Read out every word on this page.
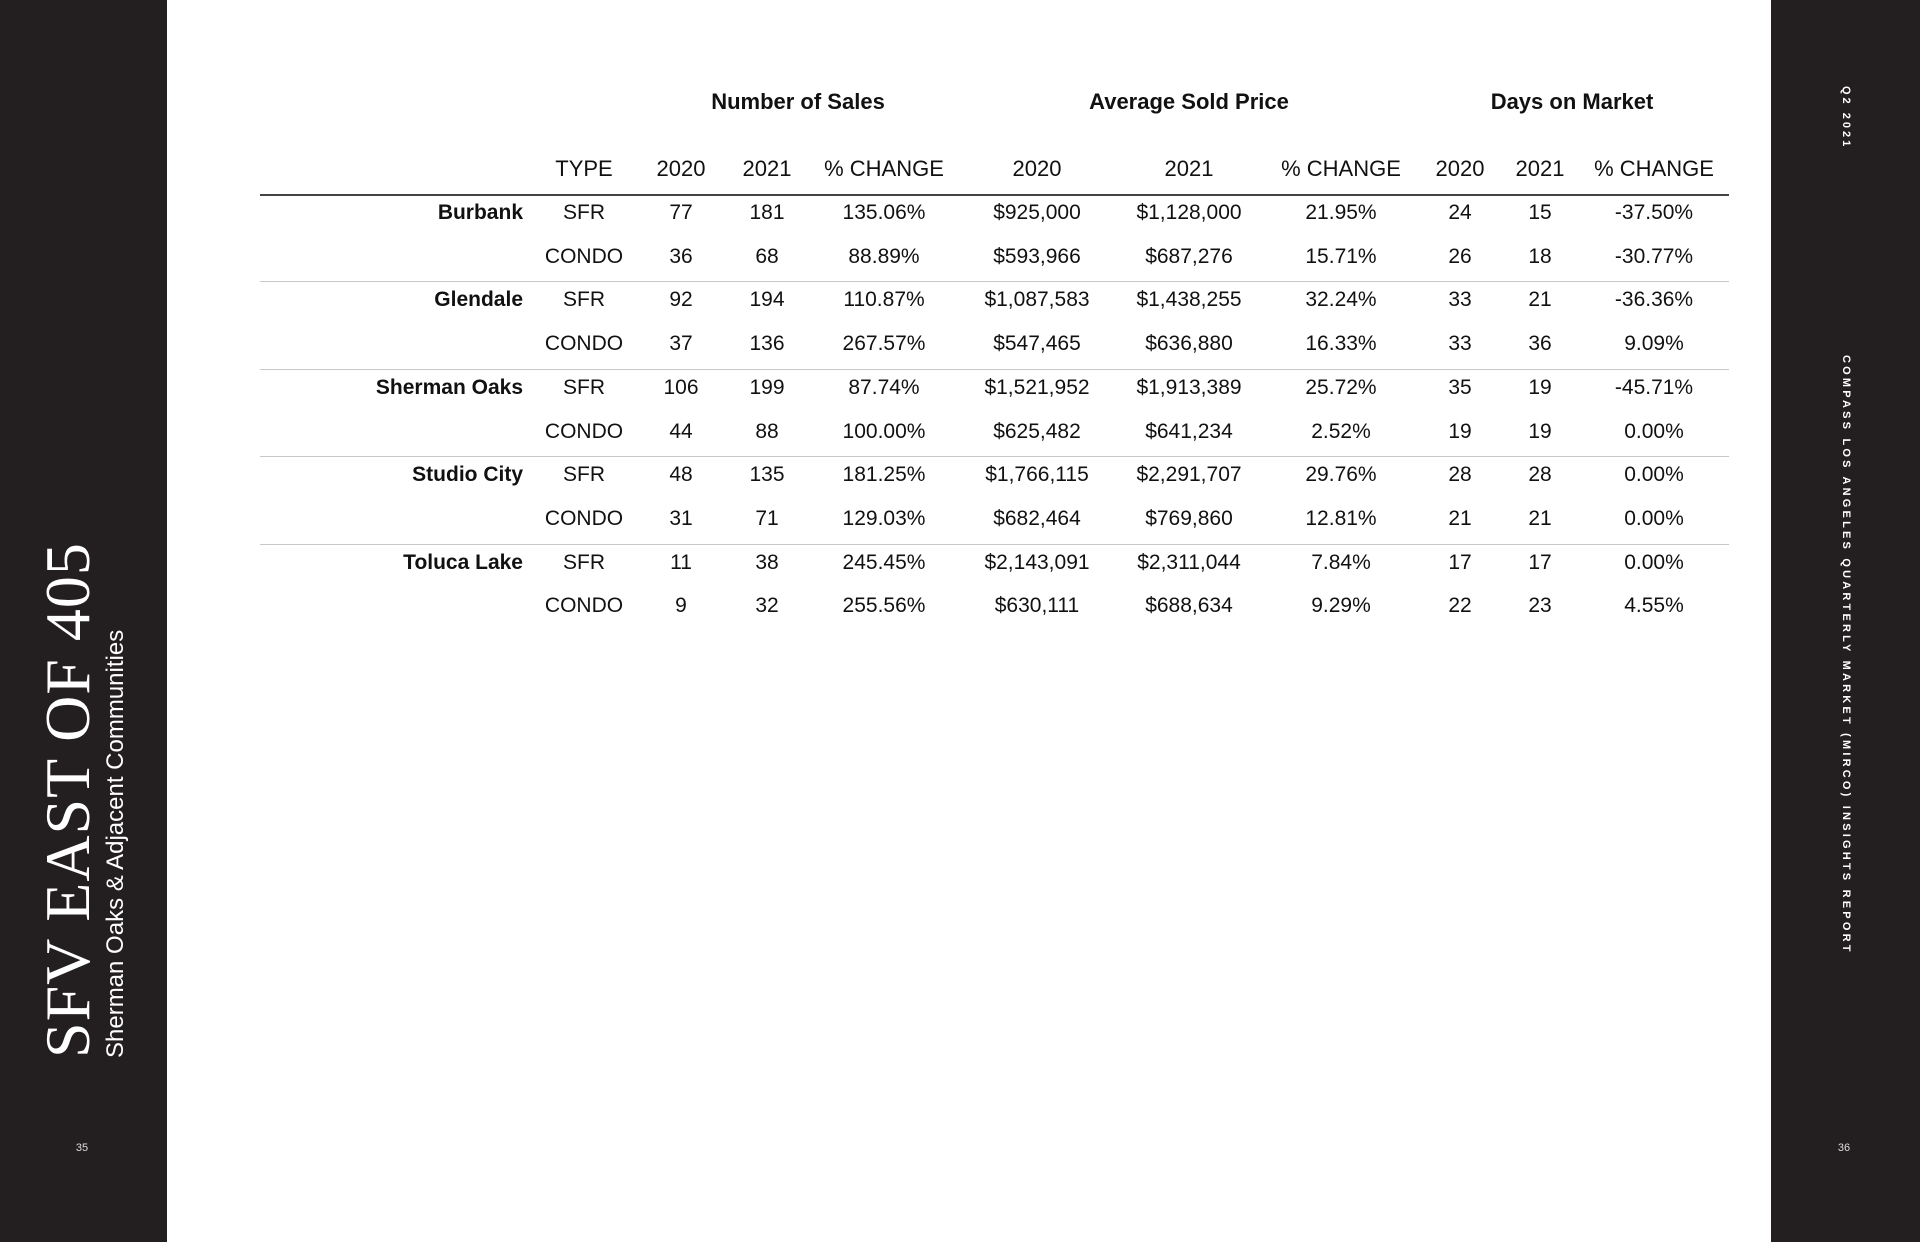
SFV EAST OF 405 Sherman Oaks & Adjacent Communities
35
Q2 2021
COMPASS LOS ANGELES QUARTERLY MARKET (MIRCO) INSIGHTS REPORT
36
Number of Sales	Average Sold Price	Days on Market
TYPE 2020 2021 % CHANGE	2020	2021	% CHANGE 2020 2021 % CHANGE
Burbank SFR	77	181	135.06%	$925,000	$1,128,000	21.95%	24	15	-37.50%
CONDO 36	68	88.89%	$593,966	$687,276	15.71%	26	18	-30.77%
Glendale SFR	92	194	110.87%	$1,087,583 $1,438,255	32.24%	33	21	-36.36%
CONDO 37	136	267.57%	$547,465	$636,880	16.33%	33	36	9.09%
Sherman Oaks SFR	106 199	87.74%	$1,521,952 $1,913,389	25.72%	35	19	-45.71%
CONDO 44	88	100.00%	$625,482	$641,234	2.52%	19	19	0.00%
Studio City SFR	48	135	181.25%	$1,766,115 $2,291,707	29.76%	28	28	0.00%
CONDO 31	71	129.03%	$682,464	$769,860	12.81%	21	21	0.00%
Toluca Lake SFR	11	38	245.45%	$2,143,091 $2,311,044	7.84%	17	17	0.00%
CONDO 9	32	255.56%	$630,111	$688,634	9.29%	22	23	4.55%
